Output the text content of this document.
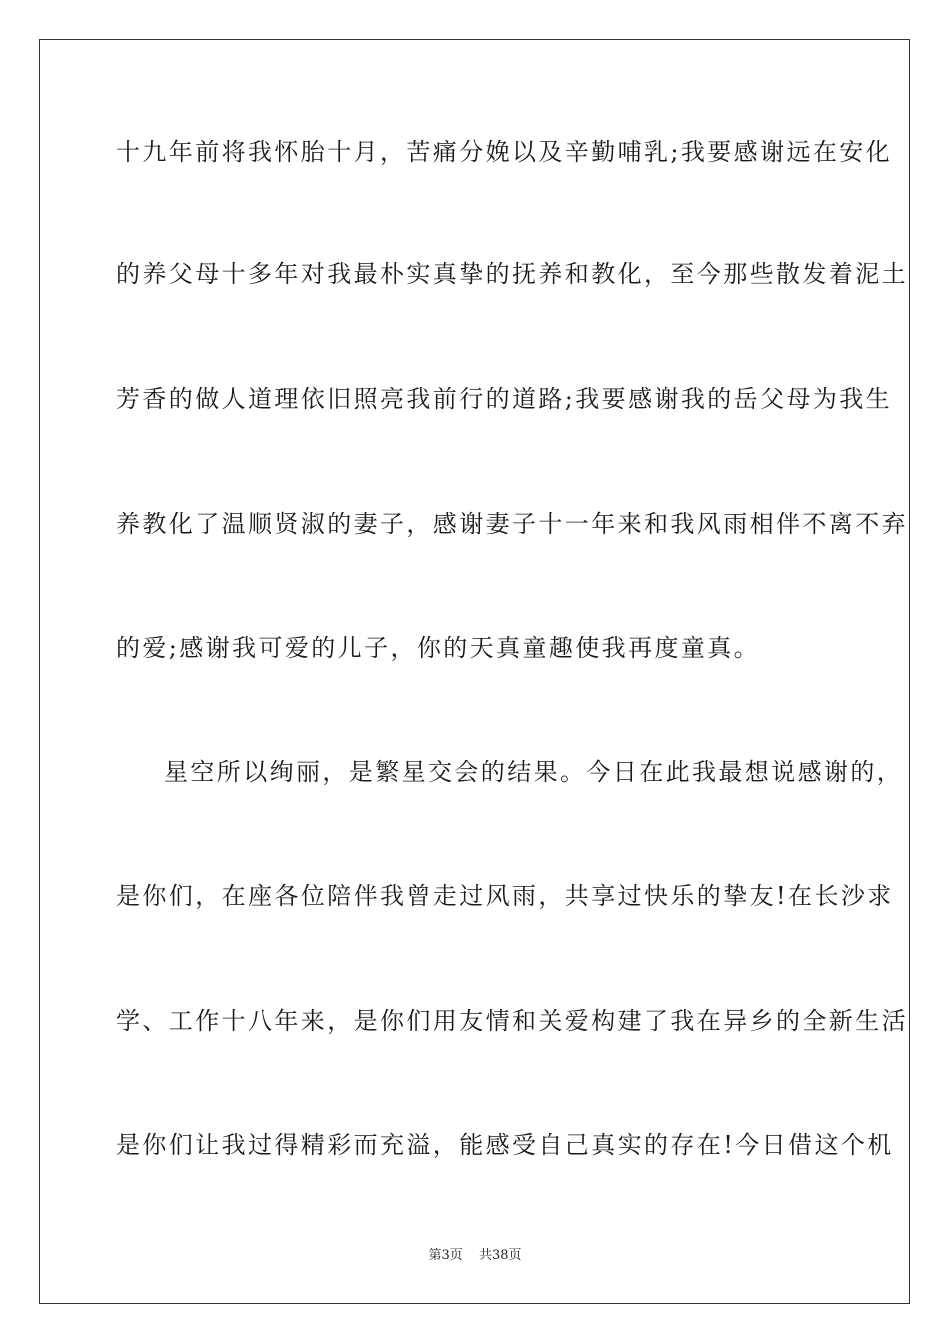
十九年前将我怀胎十月，苦痛分娩以及辛勤哺乳;我要感谢远在安化
的养父母十多年对我最朴实真挚的抚养和教化，至今那些散发着泥土
芳香的做人道理依旧照亮我前行的道路;我要感谢我的岳父母为我生
养教化了温顺贤淑的妻子，感谢妻子十一年来和我风雨相伴不离不弃
的爱;感谢我可爱的儿子，你的天真童趣使我再度童真。
星空所以绚丽，是繁星交会的结果。今日在此我最想说感谢的，
是你们，在座各位陪伴我曾走过风雨，共享过快乐的挚友!在长沙求
学、工作十八年来，是你们用友情和关爱构建了我在异乡的全新生活
是你们让我过得精彩而充溢，能感受自己真实的存在!今日借这个机
第3页 共38页
